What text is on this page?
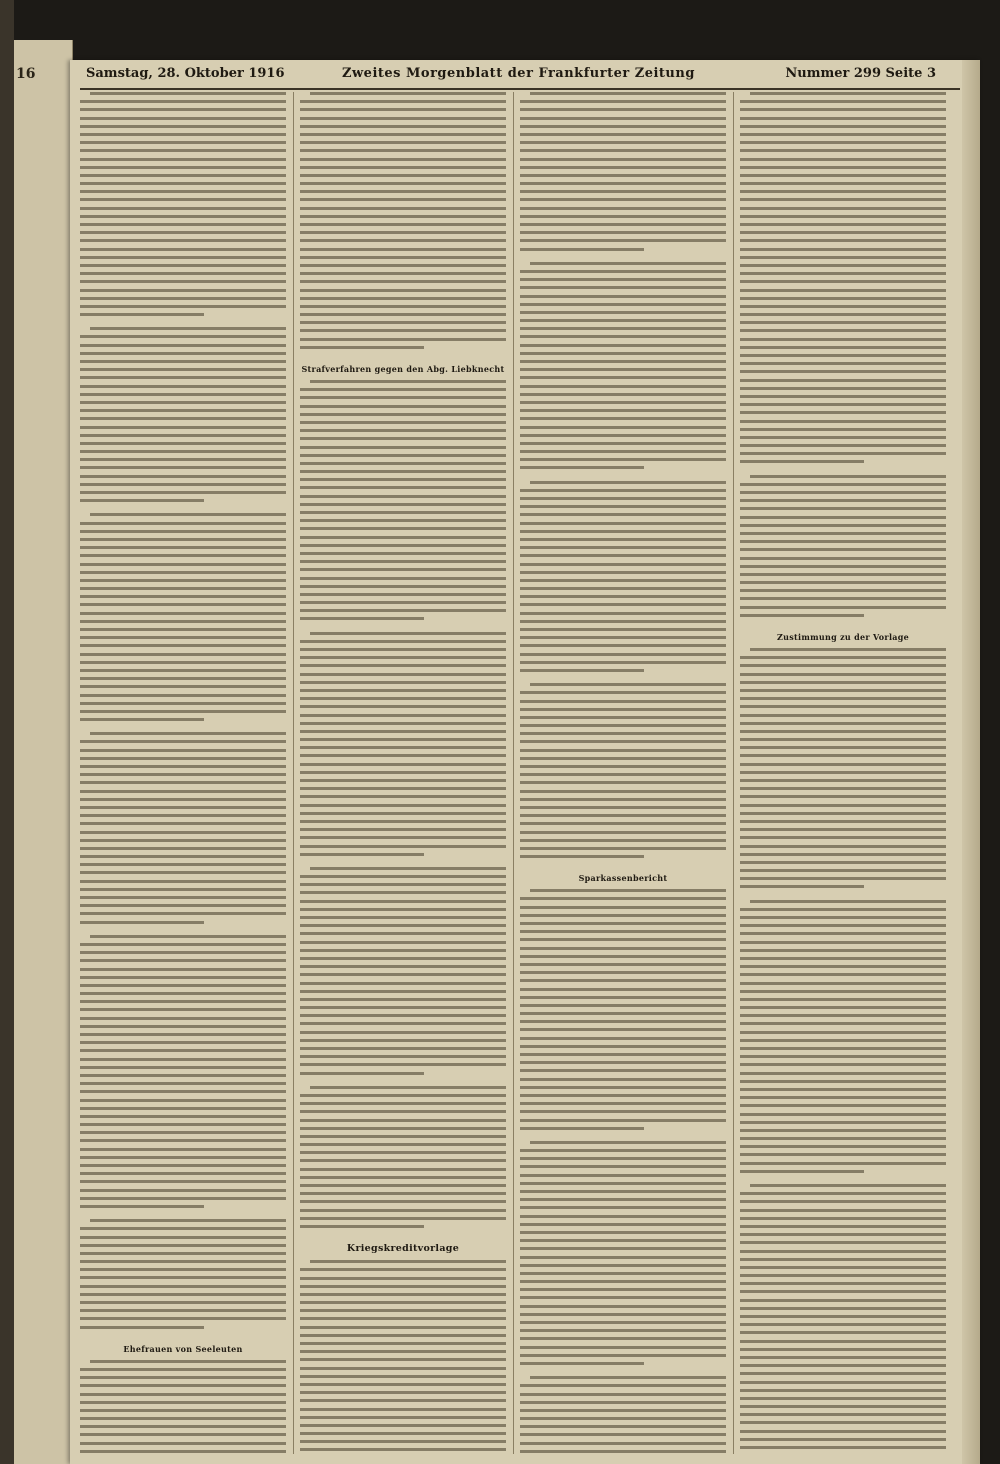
16	Samstag, 28. Oktober 1916	Zweites Morgenblatt der Frankfurter Zeitung	Nummer 299 Seite 3
Ehefrauen von Seeleuten
Strafverfahren gegen den Abg. Liebknecht
Kriegskreditvorlage
Sparkassenbericht
Zustimmung zu der Vorlage
